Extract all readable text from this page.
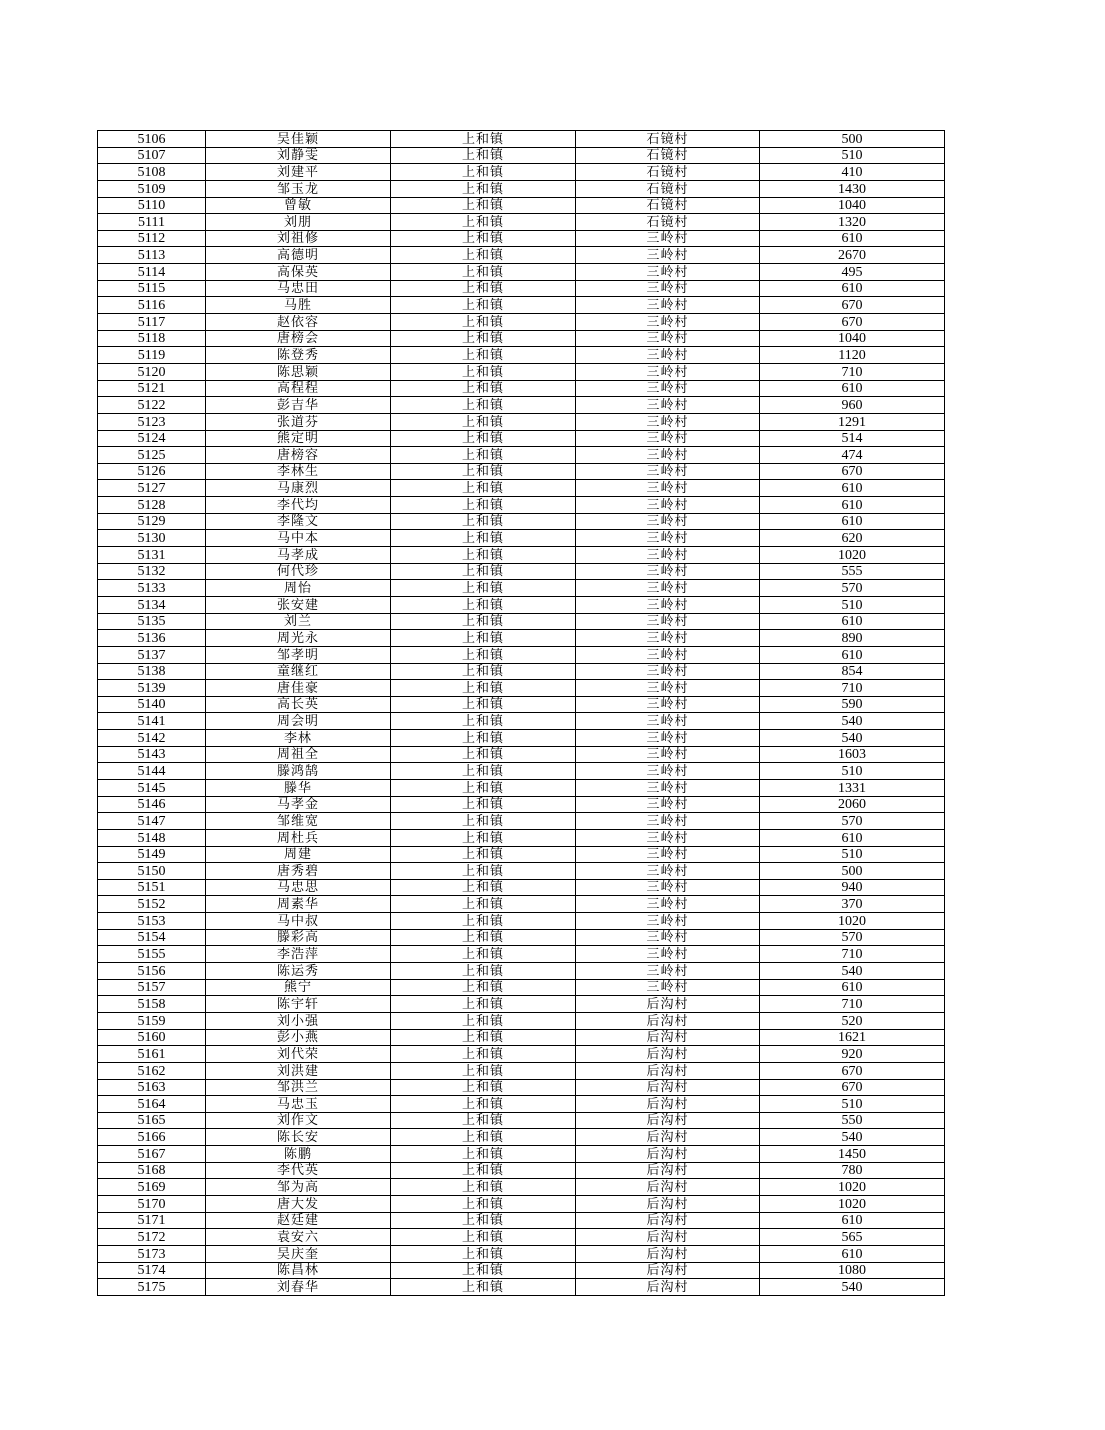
5106	吴佳颖	上和镇	石镜村	500
5107	刘静雯	上和镇	石镜村	510
5108	刘建平	上和镇	石镜村	410
5109	邹玉龙	上和镇	石镜村	1430
5110	曾敏	上和镇	石镜村	1040
5111	刘朋	上和镇	石镜村	1320
5112	刘祖修	上和镇	三岭村	610
5113	高德明	上和镇	三岭村	2670
5114	高保英	上和镇	三岭村	495
5115	马忠田	上和镇	三岭村	610
5116	马胜	上和镇	三岭村	670
5117	赵依容	上和镇	三岭村	670
5118	唐榜会	上和镇	三岭村	1040
5119	陈登秀	上和镇	三岭村	1120
5120	陈思颖	上和镇	三岭村	710
5121	高程程	上和镇	三岭村	610
5122	彭吉华	上和镇	三岭村	960
5123	张道芬	上和镇	三岭村	1291
5124	熊定明	上和镇	三岭村	514
5125	唐榜容	上和镇	三岭村	474
5126	李林生	上和镇	三岭村	670
5127	马康烈	上和镇	三岭村	610
5128	李代均	上和镇	三岭村	610
5129	李隆文	上和镇	三岭村	610
5130	马中本	上和镇	三岭村	620
5131	马孝成	上和镇	三岭村	1020
5132	何代珍	上和镇	三岭村	555
5133	周怡	上和镇	三岭村	570
5134	张安建	上和镇	三岭村	510
5135	刘兰	上和镇	三岭村	610
5136	周光永	上和镇	三岭村	890
5137	邹孝明	上和镇	三岭村	610
5138	童继红	上和镇	三岭村	854
5139	唐佳豪	上和镇	三岭村	710
5140	高长英	上和镇	三岭村	590
5141	周会明	上和镇	三岭村	540
5142	李林	上和镇	三岭村	540
5143	周祖全	上和镇	三岭村	1603
5144	滕鸿鹄	上和镇	三岭村	510
5145	滕华	上和镇	三岭村	1331
5146	马孝金	上和镇	三岭村	2060
5147	邹维宽	上和镇	三岭村	570
5148	周杜兵	上和镇	三岭村	610
5149	周建	上和镇	三岭村	510
5150	唐秀碧	上和镇	三岭村	500
5151	马忠思	上和镇	三岭村	940
5152	周素华	上和镇	三岭村	370
5153	马中叔	上和镇	三岭村	1020
5154	滕彩高	上和镇	三岭村	570
5155	李浩萍	上和镇	三岭村	710
5156	陈运秀	上和镇	三岭村	540
5157	熊宁	上和镇	三岭村	610
5158	陈宇轩	上和镇	后沟村	710
5159	刘小强	上和镇	后沟村	520
5160	彭小燕	上和镇	后沟村	1621
5161	刘代荣	上和镇	后沟村	920
5162	刘洪建	上和镇	后沟村	670
5163	邹洪兰	上和镇	后沟村	670
5164	马忠玉	上和镇	后沟村	510
5165	刘作文	上和镇	后沟村	550
5166	陈长安	上和镇	后沟村	540
5167	陈鹏	上和镇	后沟村	1450
5168	李代英	上和镇	后沟村	780
5169	邹为高	上和镇	后沟村	1020
5170	唐大发	上和镇	后沟村	1020
5171	赵廷建	上和镇	后沟村	610
5172	袁安六	上和镇	后沟村	565
5173	吴庆奎	上和镇	后沟村	610
5174	陈昌林	上和镇	后沟村	1080
5175	刘春华	上和镇	后沟村	540
